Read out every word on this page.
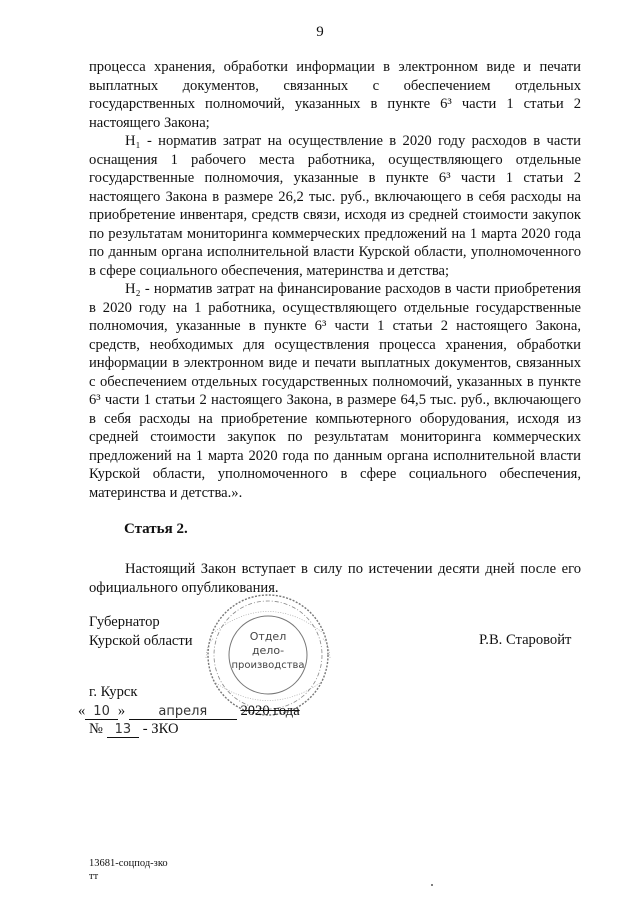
9

процесса хранения, обработки информации в электронном виде и печати выплатных документов, связанных с обеспечением отдельных государственных полномочий, указанных в пункте 6³ части 1 статьи 2 настоящего Закона;

Н₁ - норматив затрат на осуществление в 2020 году расходов в части оснащения 1 рабочего места работника, осуществляющего отдельные государственные полномочия, указанные в пункте 6³ части 1 статьи 2 настоящего Закона в размере 26,2 тыс. руб., включающего в себя расходы на приобретение инвентаря, средств связи, исходя из средней стоимости закупок по результатам мониторинга коммерческих предложений на 1 марта 2020 года по данным органа исполнительной власти Курской области, уполномоченного в сфере социального обеспечения, материнства и детства;

Н₂ - норматив затрат на финансирование расходов в части приобретения в 2020 году на 1 работника, осуществляющего отдельные государственные полномочия, указанные в пункте 6³ части 1 статьи 2 настоящего Закона, средств, необходимых для осуществления процесса хранения, обработки информации в электронном виде и печати выплатных документов, связанных с обеспечением отдельных государственных полномочий, указанных в пункте 6³ части 1 статьи 2 настоящего Закона, в размере 64,5 тыс. руб., включающего в себя расходы на приобретение компьютерного оборудования, исходя из средней стоимости закупок по результатам мониторинга коммерческих предложений на 1 марта 2020 года по данным органа исполнительной власти Курской области, уполномоченного в сфере социального обеспечения, материнства и детства.».

Статья 2.
Настоящий Закон вступает в силу по истечении десяти дней после его официального опубликования.
Губернатор
Курской области	Р.В. Старовойт
Отдел
дело-
производства
г. Курск
« 10 »	апреля 2020 года
№ 13 - ЗКО
13681-соцпод-зко
тт
